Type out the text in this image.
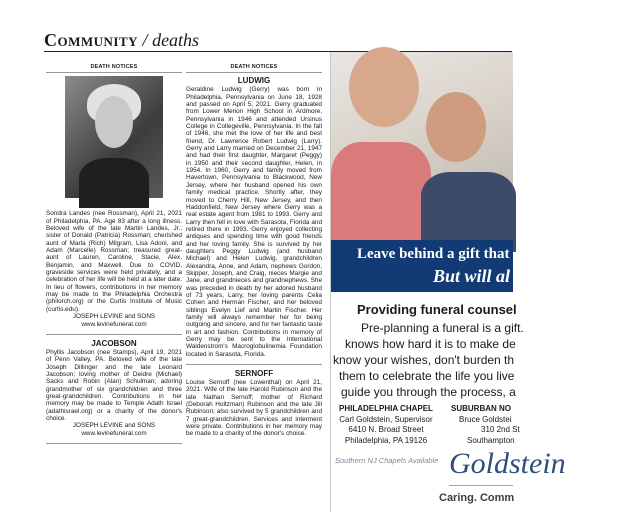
Community / deaths
DEATH NOTICES
Sondra Landes (nee Rossman), April 21, 2021 of Philadelphia, PA. Age 83 after a long illness. Beloved wife of the late Martin Landes, Jr.; sister of Donald (Patricia) Rossman; cherished aunt of Marla (Rich) Milgram, Lisa Adoni, and Adam (Marcelle) Rossman; treasured great-aunt of Lauren, Caroline, Stacie, Alex, Benjamin, and Maxwell. Due to COVID, graveside services were held privately, and a celebration of her life will be held at a later date. In lieu of flowers, contributions in her memory may be made to the Philadelphia Orchestra (philorch.org) or the Curtis Institute of Music (curtis.edu).
JOSEPH LEVINE and SONS
www.levinefuneral.com
JACOBSON
Phyllis Jacobson (nee Stamps), April 19, 2021 of Penn Valley, PA. Beloved wife of the late Joseph Dillinger and the late Leonard Jacobson; loving mother of Deidre (Michael) Sacks and Robin (Alan) Schulman; adoring grandmother of six grandchildren and three great-grandchildren. Contributions in her memory may be made to Temple Adath Israel (adathisrael.org) or a charity of the donor's choice.
JOSEPH LEVINE and SONS
www.levinefuneral.com
DEATH NOTICES
LUDWIG
Geraldine Ludwig (Gerry) was born in Philadelphia, Pennsylvania on June 18, 1928 and passed on April 5, 2021. Gerry graduated from Lower Merion High School in Ardmore, Pennsylvania in 1946 and attended Ursinus College in Collegeville, Pennsylvania. In the fall of 1946, she met the love of her life and best friend, Dr. Lawrence Robert Ludwig (Larry). Gerry and Larry married on December 21, 1947 and had their first daughter, Margaret (Peggy) in 1950 and their second daughter, Helen, in 1954. In 1960, Gerry and family moved from Havertown, Pennsylvania to Blackwood, New Jersey, where her husband opened his own family medical practice. Shortly after, they moved to Cherry Hill, New Jersey, and then Haddonfield, New Jersey where Gerry was a real estate agent from 1981 to 1993. Gerry and Larry then fell in love with Sarasota, Florida and retired there in 1993. Gerry enjoyed collecting antiques and spending time with good friends and her loving family. She is survived by her daughters Peggy Ludwig (and husband Michael) and Helen Ludwig, grandchildren Alexandra, Anne, and Adam, nephews Gordon, Skipper, Joseph, and Craig, nieces Margie and Jane, and grandnieces and grandnephews. She was preceded in death by her adored husband of 73 years, Larry, her loving parents Celia Cohen and Herman Fischer, and her beloved siblings Evelyn Lief and Martin Fischer. Her family will always remember her for being outgoing and sincere, and for her fantastic taste in art and fashion. Contributions in memory of Gerry may be sent to the International Waldenstrom's Macroglobulinemia Foundation located in Sarasota, Florida.
SERNOFF
Louise Sernoff (nee Lowenthal) on April 21, 2021. Wife of the late Harold Rubinson and the late Nathan Sernoff; mother of Richard (Deborah Holtzman) Rubinson and the late Jill Rubinson; also survived by 5 grandchildren and 7 great-grandchildren. Services and interment were private. Contributions in her memory may be made to a charity of the donor's choice.
Leave behind a gift that
But will al
Providing funeral counsel
Pre-planning a funeral is a gift.
knows how hard it is to make de
know your wishes, don't burden th
them to celebrate the life you live
guide you through the process, a
PHILADELPHIA CHAPEL
Carl Goldstein, Supervisor
6410 N. Broad Street
Philadelphia, PA 19126
SUBURBAN NO
Bruce Goldstei
310 2nd St
Southampton
Southern NJ Chapels Available Goldstein
Caring. Comm
